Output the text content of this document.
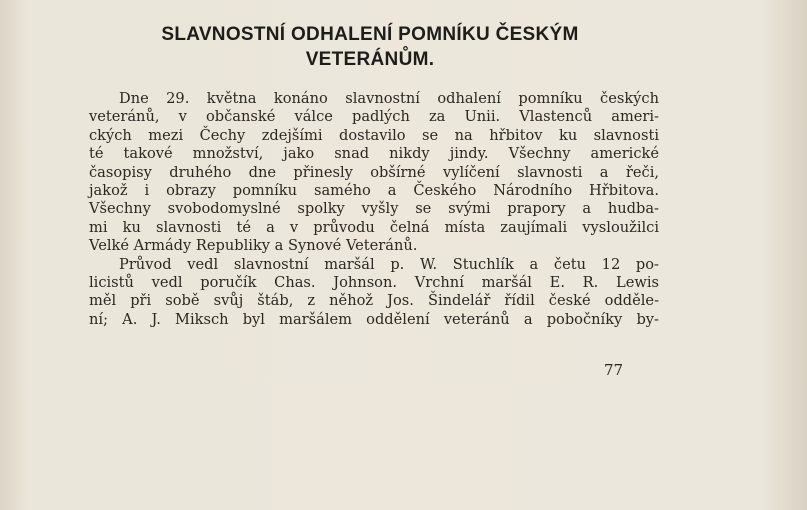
SLAVNOSTNÍ ODHALENÍ POMNÍKU ČESKÝM
VETERÁNŮM.
Dne 29. května konáno slavnostní odhalení pomníku českých
veteránů, v občanské válce padlých za Unii. Vlastenců ameri-
ckých mezi Čechy zdejšími dostavilo se na hřbitov ku slavnosti
té takové množství, jako snad nikdy jindy. Všechny americké
časopisy druhého dne přinesly obšírné vylíčení slavnosti a řeči,
jakož i obrazy pomníku samého a Českého Národního Hřbitova.
Všechny svobodomyslné spolky vyšly se svými prapory a hudba-
mi ku slavnosti té a v průvodu čelná místa zaujímali vysloužilci
Velké Armády Republiky a Synové Veteránů.
Průvod vedl slavnostní maršál p. W. Stuchlík a četu 12 po-
licistů vedl poručík Chas. Johnson. Vrchní maršál E. R. Lewis
měl při sobě svůj štáb, z něhož Jos. Šindelář řídil české odděle-
ní; A. J. Miksch byl maršálem oddělení veteránů a pobočníky by-
77
